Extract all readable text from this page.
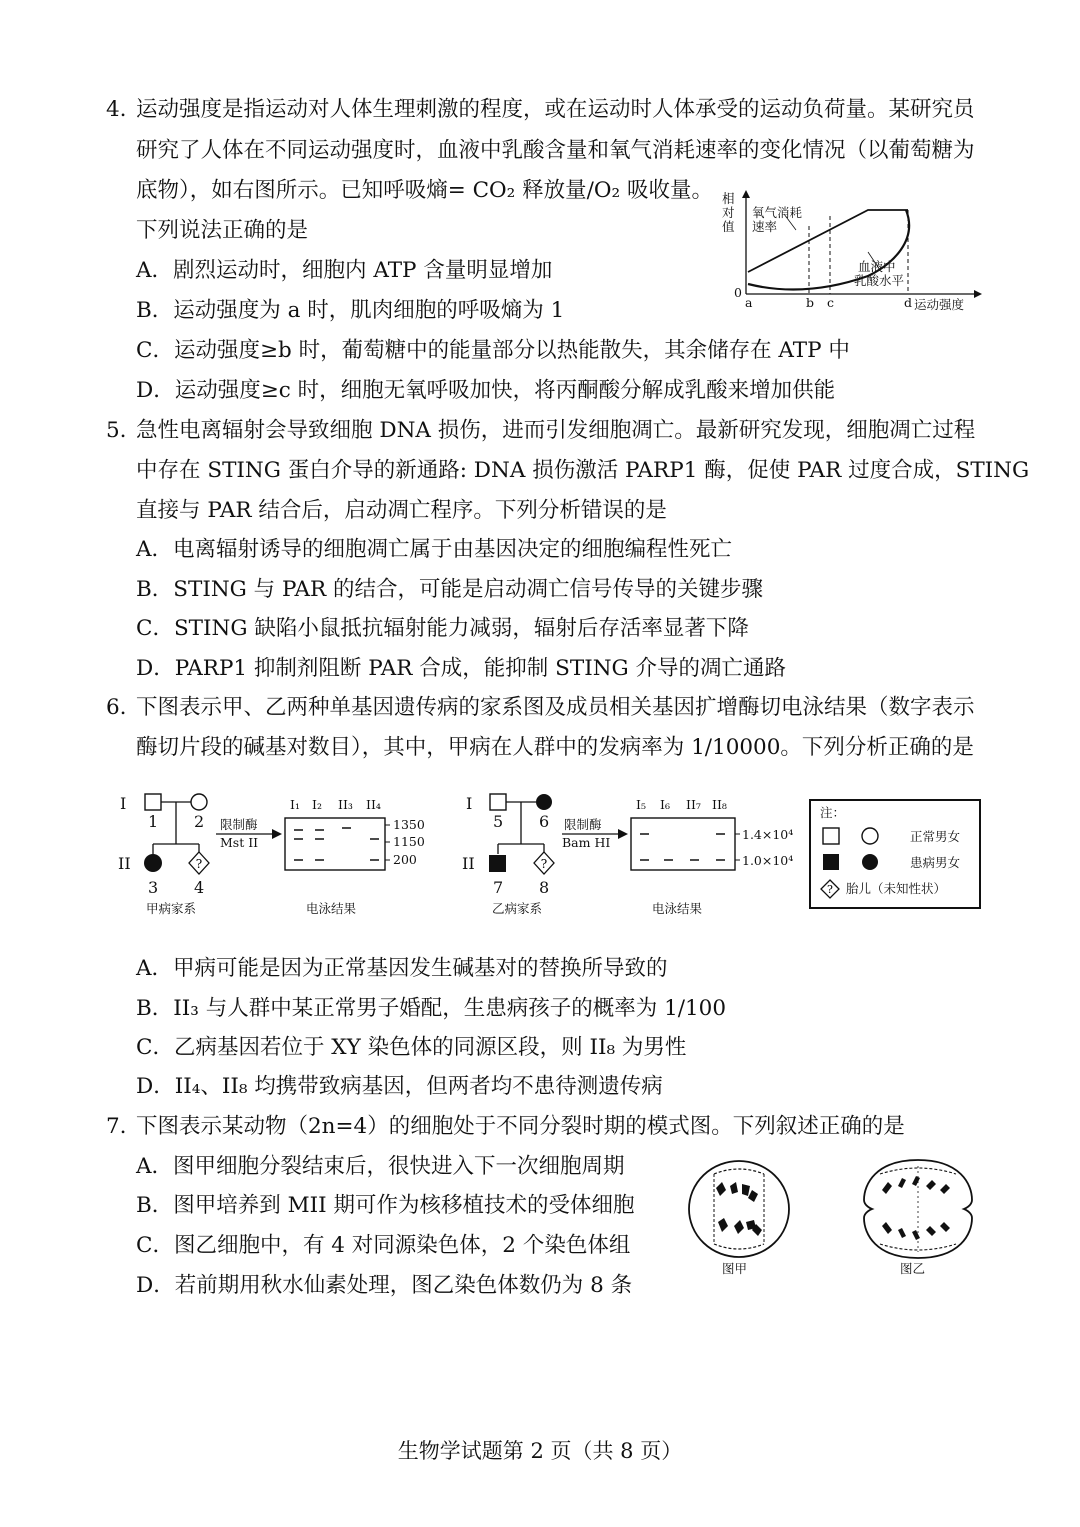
4. 运动强度是指运动对人体生理刺激的程度，或在运动时人体承受的运动负荷量。某研究员
研究了人体在不同运动强度时，血液中乳酸含量和氧气消耗速率的变化情况（以葡萄糖为
底物），如右图所示。已知呼吸熵= CO₂ 释放量/O₂ 吸收量。
下列说法正确的是
A．剧烈运动时，细胞内 ATP 含量明显增加
B．运动强度为 a 时，肌肉细胞的呼吸熵为 1
C．运动强度≥b 时，葡萄糖中的能量部分以热能散失，其余储存在 ATP 中
D．运动强度≥c 时，细胞无氧呼吸加快，将丙酮酸分解成乳酸来增加供能
相
对
值
氧气消耗
速率
血液中
乳酸水平
0
a	b c	d 运动强度
5. 急性电离辐射会导致细胞 DNA 损伤，进而引发细胞凋亡。最新研究发现，细胞凋亡过程
中存在 STING 蛋白介导的新通路: DNA 损伤激活 PARP1 酶，促使 PAR 过度合成，STING
直接与 PAR 结合后，启动凋亡程序。下列分析错误的是
A．电离辐射诱导的细胞凋亡属于由基因决定的细胞编程性死亡
B．STING 与 PAR 的结合，可能是启动凋亡信号传导的关键步骤
C．STING 缺陷小鼠抵抗辐射能力减弱，辐射后存活率显著下降
D．PARP1 抑制剂阻断 PAR 合成，能抑制 STING 介导的凋亡通路
6. 下图表示甲、乙两种单基因遗传病的家系图及成员相关基因扩增酶切电泳结果（数字表示
酶切片段的碱基对数目），其中，甲病在人群中的发病率为 1/10000。下列分析正确的是
?	?
?
I
1 2
II
3 4
限制酶
Mst II
I₁ I₂ II₃ II₄
1350
1150
200
甲病家系	电泳结果
I
5 6
II
7 8
限制酶
Bam HI
I₅ I₆ II₇ II₈
1.4×10⁴
1.0×10⁴
乙病家系	电泳结果
注：
正常男女
患病男女
胎儿（未知性状）
A．甲病可能是因为正常基因发生碱基对的替换所导致的
B．II₃ 与人群中某正常男子婚配，生患病孩子的概率为 1/100
C．乙病基因若位于 XY 染色体的同源区段，则 II₈ 为男性
D．II₄、II₈ 均携带致病基因，但两者均不患待测遗传病
7. 下图表示某动物（2n=4）的细胞处于不同分裂时期的模式图。下列叙述正确的是
A．图甲细胞分裂结束后，很快进入下一次细胞周期
B．图甲培养到 MII 期可作为核移植技术的受体细胞
C．图乙细胞中，有 4 对同源染色体，2 个染色体组
D．若前期用秋水仙素处理，图乙染色体数仍为 8 条
图甲	图乙
生物学试题第 2 页（共 8 页）
